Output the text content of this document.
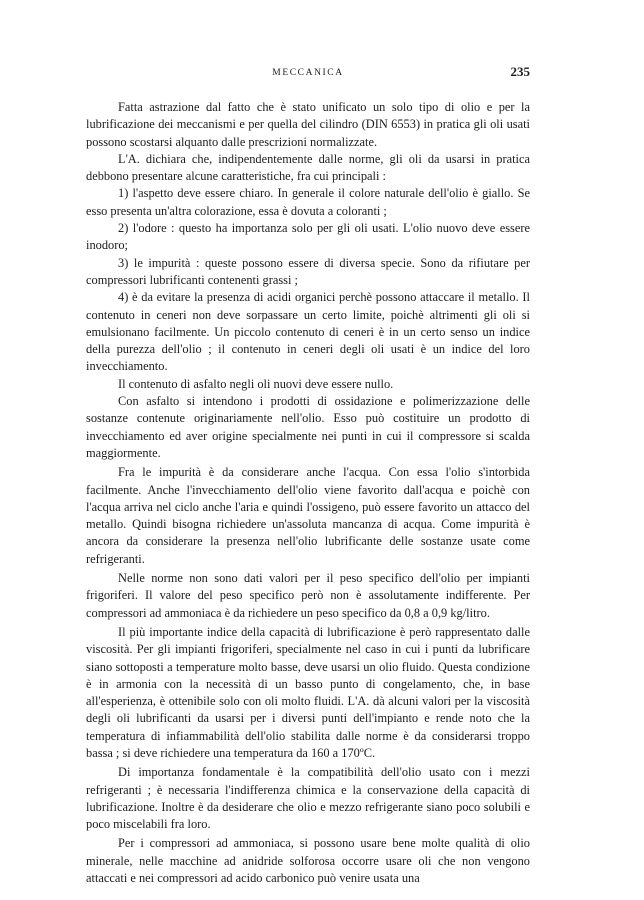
MECCANICA	235

Fatta astrazione dal fatto che è stato unificato un solo tipo di olio e per la lubrificazione dei meccanismi e per quella del cilindro (DIN 6553) in pratica gli oli usati possono scostarsi alquanto dalle prescrizioni normalizzate.

L'A. dichiara che, indipendentemente dalle norme, gli oli da usarsi in pratica debbono presentare alcune caratteristiche, fra cui principali :

1) l'aspetto deve essere chiaro. In generale il colore naturale dell'olio è giallo. Se esso presenta un'altra colorazione, essa è dovuta a coloranti ;

2) l'odore : questo ha importanza solo per gli oli usati. L'olio nuovo deve essere inodoro;

3) le impurità : queste possono essere di diversa specie. Sono da rifiutare per compressori lubrificanti contenenti grassi ;

4) è da evitare la presenza di acidi organici perchè possono attaccare il metallo. Il contenuto in ceneri non deve sorpassare un certo limite, poichè altrimenti gli oli si emulsionano facilmente. Un piccolo contenuto di ceneri è in un certo senso un indice della purezza dell'olio ; il contenuto in ceneri degli oli usati è un indice del loro invecchiamento.

Il contenuto di asfalto negli oli nuovi deve essere nullo.

Con asfalto si intendono i prodotti di ossidazione e polimerizzazione delle sostanze contenute originariamente nell'olio. Esso può costituire un prodotto di invecchiamento ed aver origine specialmente nei punti in cui il compressore si scalda maggiormente.

Fra le impurità è da considerare anche l'acqua. Con essa l'olio s'intorbida facilmente. Anche l'invecchiamento dell'olio viene favorito dall'acqua e poichè con l'acqua arriva nel ciclo anche l'aria e quindi l'ossigeno, può essere favorito un attacco del metallo. Quindi bisogna richiedere un'assoluta mancanza di acqua. Come impurità è ancora da considerare la presenza nell'olio lubrificante delle sostanze usate come refrigeranti.

Nelle norme non sono dati valori per il peso specifico dell'olio per impianti frigoriferi. Il valore del peso specifico però non è assolutamente indifferente. Per compressori ad ammoniaca è da richiedere un peso specifico da 0,8 a 0,9 kg/litro.

Il più importante indice della capacità di lubrificazione è però rappresentato dalle viscosità. Per gli impianti frigoriferi, specialmente nel caso in cui i punti da lubrificare siano sottoposti a temperature molto basse, deve usarsi un olio fluido. Questa condizione è in armonia con la necessità di un basso punto di congelamento, che, in base all'esperienza, è ottenibile solo con oli molto fluidi. L'A. dà alcuni valori per la viscosità degli oli lubrificanti da usarsi per i diversi punti dell'impianto e rende noto che la temperatura di infiammabilità dell'olio stabilita dalle norme è da considerarsi troppo bassa ; si deve richiedere una temperatura da 160 a 170ºC.

Di importanza fondamentale è la compatibilità dell'olio usato con i mezzi refrigeranti ; è necessaria l'indifferenza chimica e la conservazione della capacità di lubrificazione. Inoltre è da desiderare che olio e mezzo refrigerante siano poco solubili e poco miscelabili fra loro.

Per i compressori ad ammoniaca, si possono usare bene molte qualità di olio minerale, nelle macchine ad anidride solforosa occorre usare oli che non vengono attaccati e nei compressori ad acido carbonico può venire usata una
